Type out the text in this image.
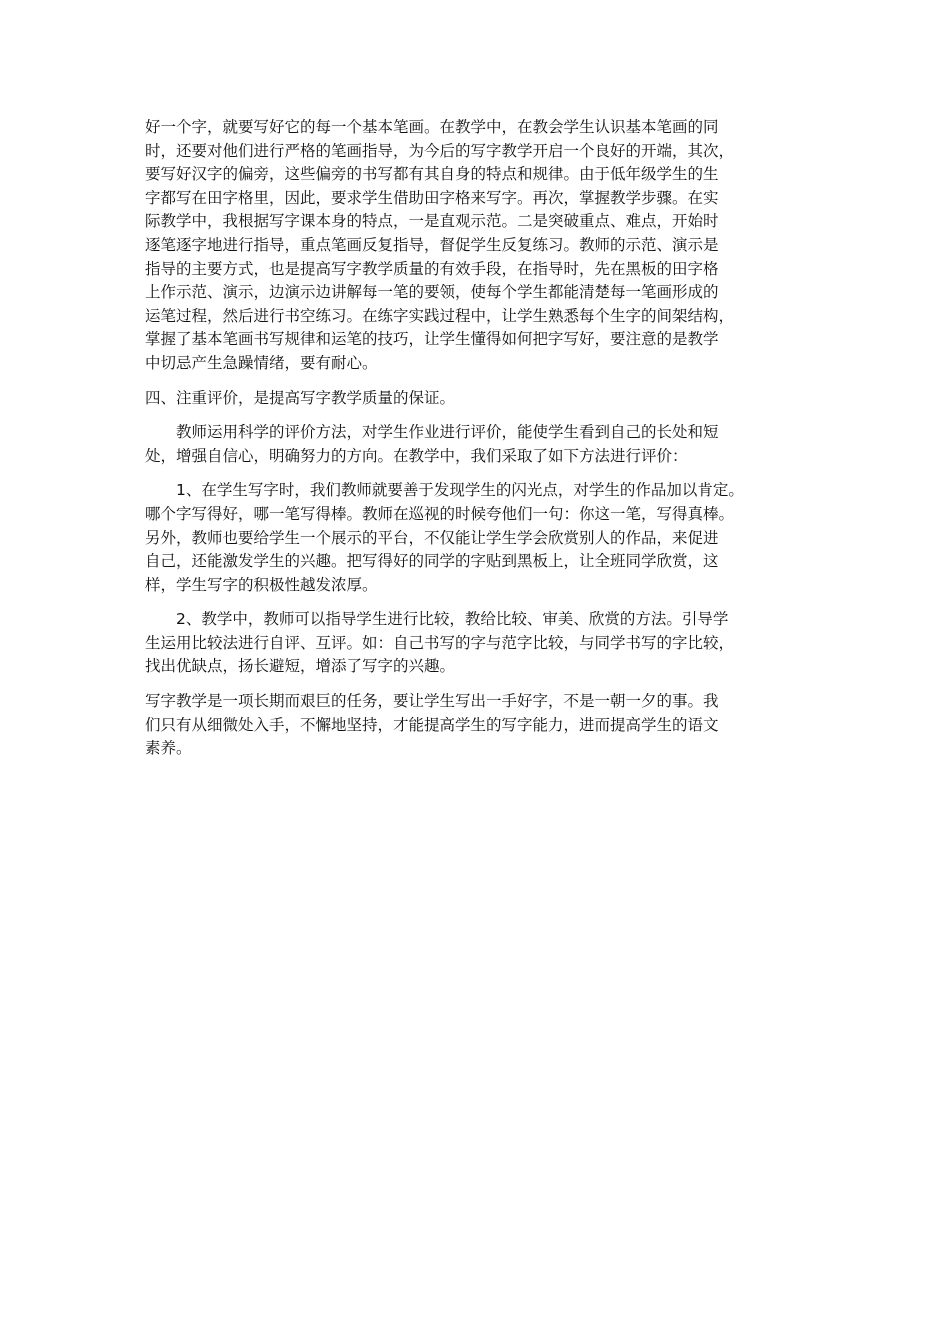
好一个字，就要写好它的每一个基本笔画。在教学中，在教会学生认识基本笔画的同
时，还要对他们进行严格的笔画指导，为今后的写字教学开启一个良好的开端，其次，
要写好汉字的偏旁，这些偏旁的书写都有其自身的特点和规律。由于低年级学生的生
字都写在田字格里，因此，要求学生借助田字格来写字。再次，掌握教学步骤。在实
际教学中，我根据写字课本身的特点，一是直观示范。二是突破重点、难点，开始时
逐笔逐字地进行指导，重点笔画反复指导，督促学生反复练习。教师的示范、演示是
指导的主要方式，也是提高写字教学质量的有效手段，在指导时，先在黑板的田字格
上作示范、演示，边演示边讲解每一笔的要领，使每个学生都能清楚每一笔画形成的
运笔过程，然后进行书空练习。在练字实践过程中，让学生熟悉每个生字的间架结构，
掌握了基本笔画书写规律和运笔的技巧，让学生懂得如何把字写好，要注意的是教学
中切忌产生急躁情绪，要有耐心。

四、注重评价，是提高写字教学质量的保证。

　　教师运用科学的评价方法，对学生作业进行评价，能使学生看到自己的长处和短
处，增强自信心，明确努力的方向。在教学中，我们采取了如下方法进行评价：

　　1、在学生写字时，我们教师就要善于发现学生的闪光点，对学生的作品加以肯定。
哪个字写得好，哪一笔写得棒。教师在巡视的时候夸他们一句：你这一笔，写得真棒。
另外，教师也要给学生一个展示的平台，不仅能让学生学会欣赏别人的作品，来促进
自己，还能激发学生的兴趣。把写得好的同学的字贴到黑板上，让全班同学欣赏，这
样，学生写字的积极性越发浓厚。

　　2、教学中，教师可以指导学生进行比较，教给比较、审美、欣赏的方法。引导学
生运用比较法进行自评、互评。如：自己书写的字与范字比较，与同学书写的字比较，
找出优缺点，扬长避短，增添了写字的兴趣。

写字教学是一项长期而艰巨的任务，要让学生写出一手好字，不是一朝一夕的事。我
们只有从细微处入手，不懈地坚持，才能提高学生的写字能力，进而提高学生的语文
素养。
